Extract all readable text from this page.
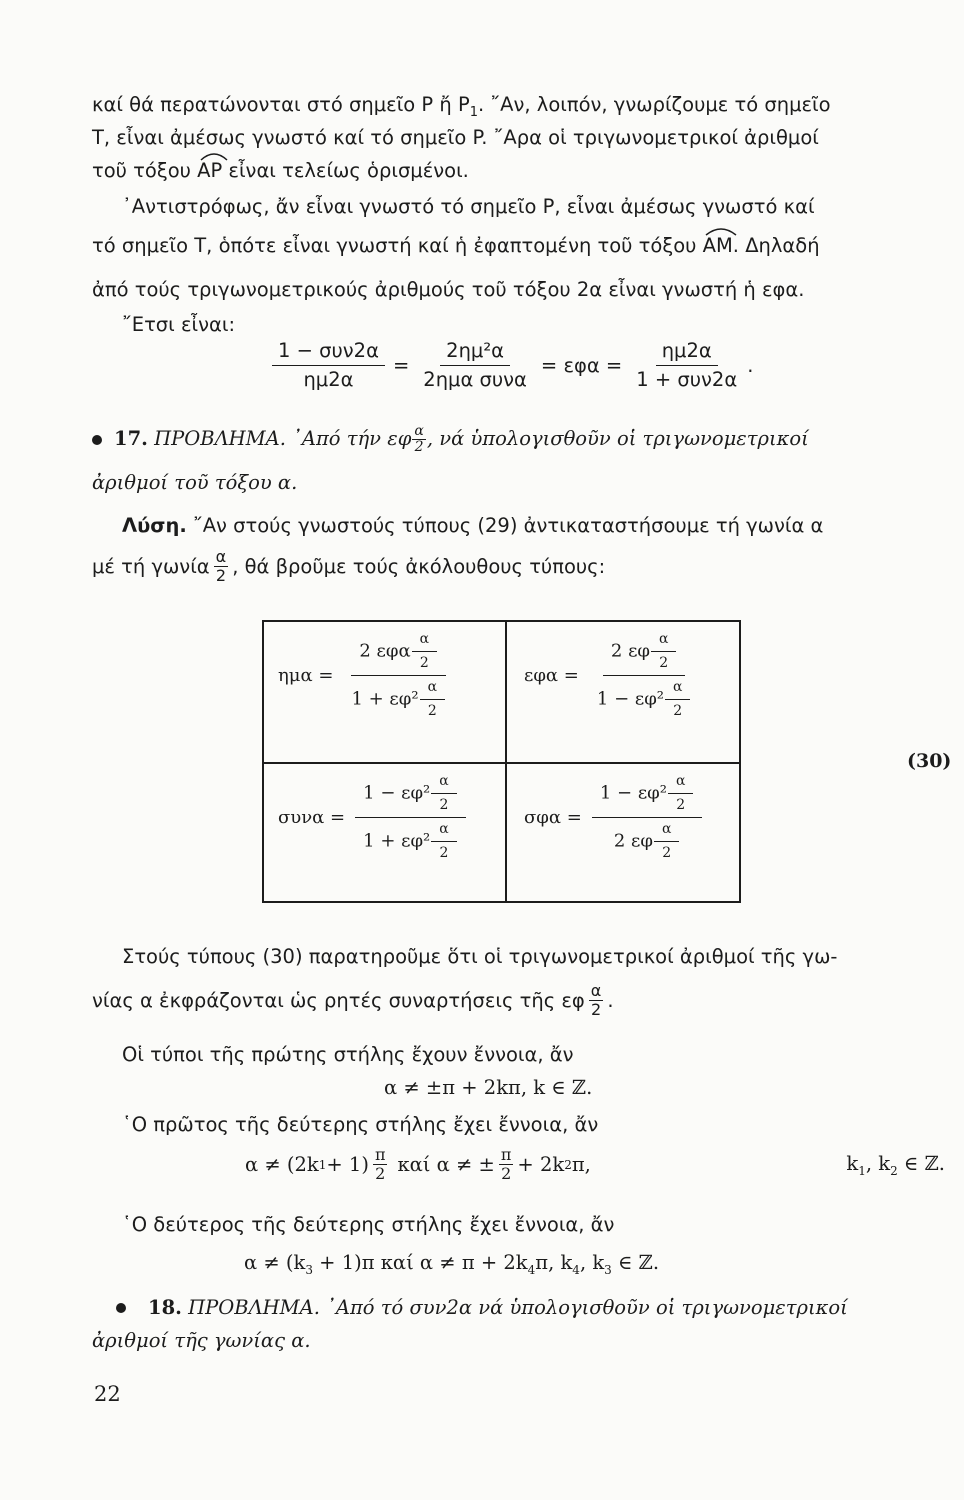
καί θά περατώνονται στό σημεῖο P ἤ $P_1$. ῎Αν, λοιπόν, γνωρίζουμε τό σημεῖο
T, εἶναι ἀμέσως γνωστό καί τό σημεῖο P. ῎Αρα οἱ τριγωνομετρικοί ἀριθμοί
τοῦ τόξου
AP εἶναι τελείως ὁρισμένοι.
᾽Αντιστρόφως, ἄν εἶναι γνωστό τό σημεῖο P, εἶναι ἀμέσως γνωστό καί
τό σημεῖο T, ὁπότε εἶναι γνωστή καί ἡ ἐφαπτομένη τοῦ τόξου
AM. Δηλαδή
ἀπό τούς τριγωνομετρικούς ἀριθμούς τοῦ τόξου 2α εἶναι γνωστή ἡ εφα.
῎Ετσι εἶναι:
$\frac{\text{1 − συν2α}}{\eta\mu 2\alpha} = \frac{\text{2ημ²α}}{\text{2ημα συνα}} = \varepsilon\varphi\alpha = \frac{\eta\mu 2\alpha}{\text{1 + συν2α}}$ .
17. ΠΡΟΒΛΗΜΑ. ᾽Από τήν εφ $\frac{\alpha}{2}$ , νά ὑπολογισθοῦν οἱ τριγωνομετρικοί
ἀριθμοί τοῦ τόξου α.
Λύση. ῎Αν στούς γνωστούς τύπους (29) ἀντικαταστήσουμε τή γωνία α
μέ τή γωνία $\frac{\alpha}{2}$ , θά βροῦμε τούς ἀκόλουθους τύπους:
$\eta\mu\alpha = \frac{2 \varepsilon\varphi\alpha \frac{\alpha}{2}}{1 + \varepsilon\varphi^2 \frac{\alpha}{2}}$	$\varepsilon\varphi\alpha = \frac{2 \varepsilon\varphi \frac{\alpha}{2}}{1 - \varepsilon\varphi^2 \frac{\alpha}{2}}$
$\sigma\upsilon\nu\alpha = \frac{1 - \varepsilon\varphi^2 \frac{\alpha}{2}}{1 + \varepsilon\varphi^2 \frac{\alpha}{2}}$	$\sigma\varphi\alpha = \frac{1 - \varepsilon\varphi^2 \frac{\alpha}{2}}{2 \varepsilon\varphi \frac{\alpha}{2}}$
(30)
Στούς τύπους (30) παρατηροῦμε ὅτι οἱ τριγωνομετρικοί ἀριθμοί τῆς γω-
νίας α ἐκφράζονται ὡς ρητές συναρτήσεις τῆς εφ $\frac{\alpha}{2}$ .
Οἱ τύποι τῆς πρώτης στήλης ἔχουν ἔννοια, ἄν
α ≠ ±π + 2kπ, k ∈ ℤ.
῾Ο πρῶτος τῆς δεύτερης στήλης ἔχει ἔννοια, ἄν
α ≠ (2k $1 + 1) \frac{\pi}{2}$ καί α ≠ ± $\frac{\pi}{2} + 2k$ 2 π,	$k_1$, $k_2$ ∈ ℤ.
῾Ο δεύτερος τῆς δεύτερης στήλης ἔχει ἔννοια, ἄν
$\alpha \ne (k_3 + 1)\pi$ καί $\alpha \ne \pi + 2k_4\pi$, $k_4$, $k_3$ ∈ ℤ.
18. ΠΡΟΒΛΗΜΑ. ᾽Από τό συν2α νά ὑπολογισθοῦν οἱ τριγωνομετρικοί
ἀριθμοί τῆς γωνίας α.
22
